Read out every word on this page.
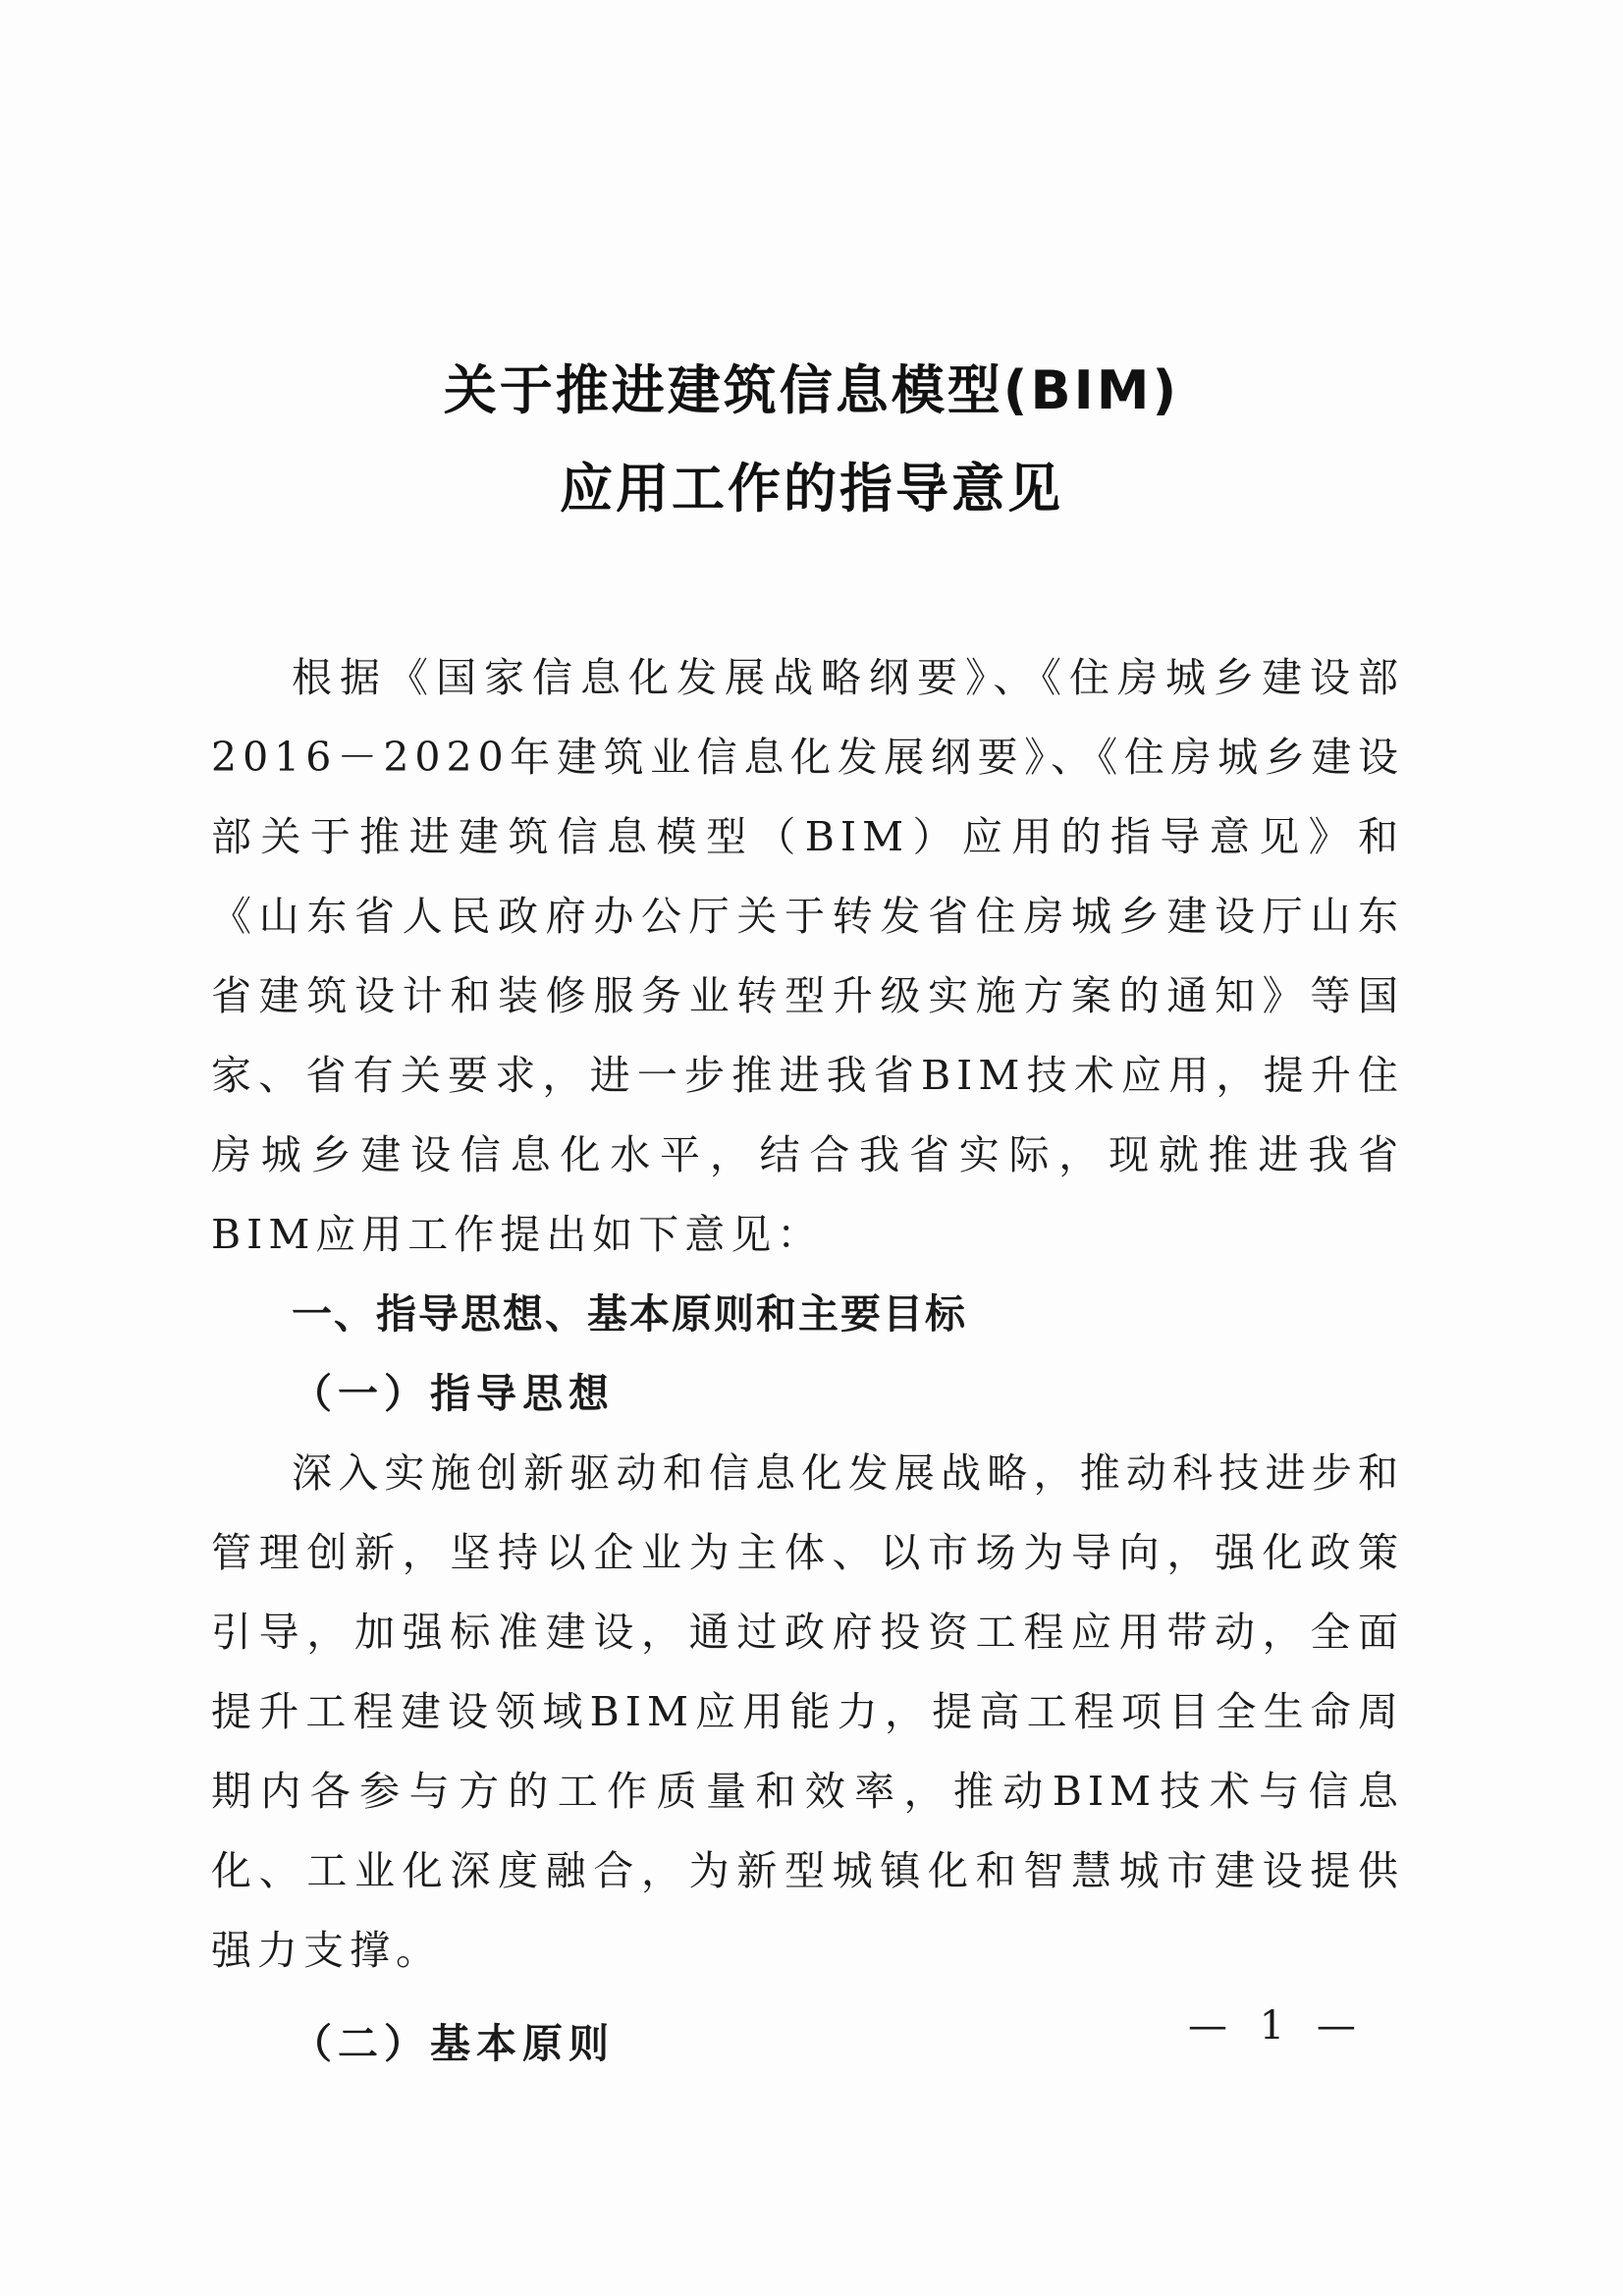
关于推进建筑信息模型(BIM)
应用工作的指导意见

根据《国家信息化发展战略纲要》、《住房城乡建设部2016－2020年建筑业信息化发展纲要》、《住房城乡建设部关于推进建筑信息模型（BIM）应用的指导意见》和《山东省人民政府办公厅关于转发省住房城乡建设厅山东省建筑设计和装修服务业转型升级实施方案的通知》等国家、省有关要求，进一步推进我省BIM技术应用，提升住房城乡建设信息化水平，结合我省实际，现就推进我省BIM应用工作提出如下意见：

一、指导思想、基本原则和主要目标

（一）指导思想

深入实施创新驱动和信息化发展战略，推动科技进步和管理创新，坚持以企业为主体、以市场为导向，强化政策引导，加强标准建设，通过政府投资工程应用带动，全面提升工程建设领域BIM应用能力，提高工程项目全生命周期内各参与方的工作质量和效率，推动BIM技术与信息化、工业化深度融合，为新型城镇化和智慧城市建设提供强力支撑。

（二）基本原则	— 1 —
